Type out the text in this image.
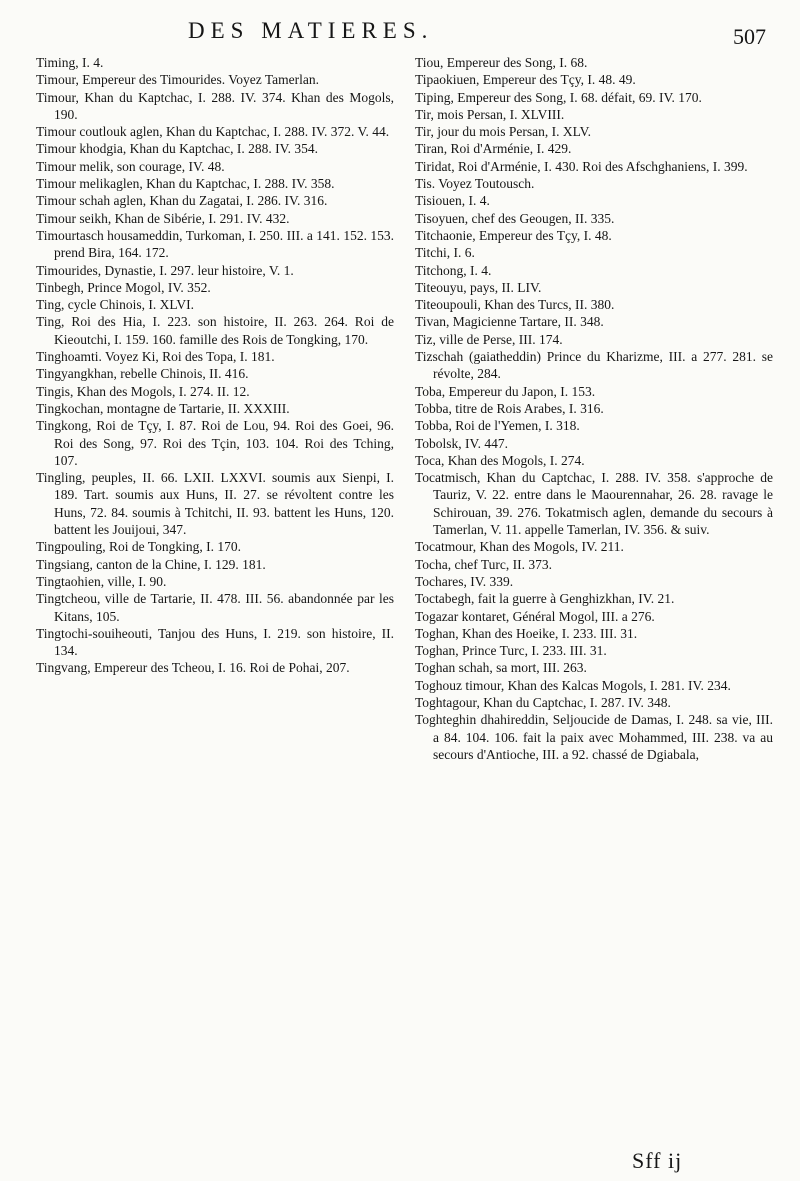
DES MATIERES.	507

Timing, I. 4.

Timour, Empereur des Timourides. Voyez Tamerlan.

Timour, Khan du Kaptchac, I. 288. IV. 374. Khan des Mogols, 190.

Timour coutlouk aglen, Khan du Kaptchac, I. 288. IV. 372. V. 44.

Timour khodgia, Khan du Kaptchac, I. 288. IV. 354.

Timour melik, son courage, IV. 48.

Timour melikaglen, Khan du Kaptchac, I. 288. IV. 358.

Timour schah aglen, Khan du Zagatai, I. 286. IV. 316.

Timour seikh, Khan de Sibérie, I. 291. IV. 432.

Timourtasch housameddin, Turkoman, I. 250. III. a 141. 152. 153. prend Bira, 164. 172.

Timourides, Dynastie, I. 297. leur histoire, V. 1.

Tinbegh, Prince Mogol, IV. 352.

Ting, cycle Chinois, I. XLVI.

Ting, Roi des Hia, I. 223. son histoire, II. 263. 264. Roi de Kieoutchi, I. 159. 160. famille des Rois de Tongking, 170.

Tinghoamti. Voyez Ki, Roi des Topa, I. 181.

Tingyangkhan, rebelle Chinois, II. 416.

Tingis, Khan des Mogols, I. 274. II. 12.

Tingkochan, montagne de Tartarie, II. XXXIII.

Tingkong, Roi de Tçy, I. 87. Roi de Lou, 94. Roi des Goei, 96. Roi des Song, 97. Roi des Tçin, 103. 104. Roi des Tching, 107.

Tingling, peuples, II. 66. LXII. LXXVI. soumis aux Sienpi, I. 189. Tart. soumis aux Huns, II. 27. se révoltent contre les Huns, 72. 84. soumis à Tchitchi, II. 93. battent les Huns, 120. battent les Jouijoui, 347.

Tingpouling, Roi de Tongking, I. 170.

Tingsiang, canton de la Chine, I. 129. 181.

Tingtaohien, ville, I. 90.

Tingtcheou, ville de Tartarie, II. 478. III. 56. abandonnée par les Kitans, 105.

Tingtochi-souiheouti, Tanjou des Huns, I. 219. son histoire, II. 134.

Tingvang, Empereur des Tcheou, I. 16. Roi de Pohai, 207.

Tiou, Empereur des Song, I. 68.

Tipaokiuen, Empereur des Tçy, I. 48. 49.

Tiping, Empereur des Song, I. 68. défait, 69. IV. 170.

Tir, mois Persan, I. XLVIII.

Tir, jour du mois Persan, I. XLV.

Tiran, Roi d'Arménie, I. 429.

Tiridat, Roi d'Arménie, I. 430. Roi des Afschghaniens, I. 399.

Tis. Voyez Toutousch.

Tisiouen, I. 4.

Tisoyuen, chef des Geougen, II. 335.

Titchaonie, Empereur des Tçy, I. 48.

Titchi, I. 6.

Titchong, I. 4.

Titeouyu, pays, II. LIV.

Titeoupouli, Khan des Turcs, II. 380.

Tivan, Magicienne Tartare, II. 348.

Tiz, ville de Perse, III. 174.

Tizschah (gaiatheddin) Prince du Kharizme, III. a 277. 281. se révolte, 284.

Toba, Empereur du Japon, I. 153.

Tobba, titre de Rois Arabes, I. 316.

Tobba, Roi de l'Yemen, I. 318.

Tobolsk, IV. 447.

Toca, Khan des Mogols, I. 274.

Tocatmisch, Khan du Captchac, I. 288. IV. 358. s'approche de Tauriz, V. 22. entre dans le Maourennahar, 26. 28. ravage le Schirouan, 39. 276. Tokatmisch aglen, demande du secours à Tamerlan, V. 11. appelle Tamerlan, IV. 356. & suiv.

Tocatmour, Khan des Mogols, IV. 211.

Tocha, chef Turc, II. 373.

Tochares, IV. 339.

Toctabegh, fait la guerre à Genghizkhan, IV. 21.

Togazar kontaret, Général Mogol, III. a 276.

Toghan, Khan des Hoeike, I. 233. III. 31.

Toghan, Prince Turc, I. 233. III. 31.

Toghan schah, sa mort, III. 263.

Toghouz timour, Khan des Kalcas Mogols, I. 281. IV. 234.

Toghtagour, Khan du Captchac, I. 287. IV. 348.

Toghteghin dhahireddin, Seljoucide de Damas, I. 248. sa vie, III. a 84. 104. 106. fait la paix avec Mohammed, III. 238. va au secours d'Antioche, III. a 92. chassé de Dgiabala,

Sff ij
